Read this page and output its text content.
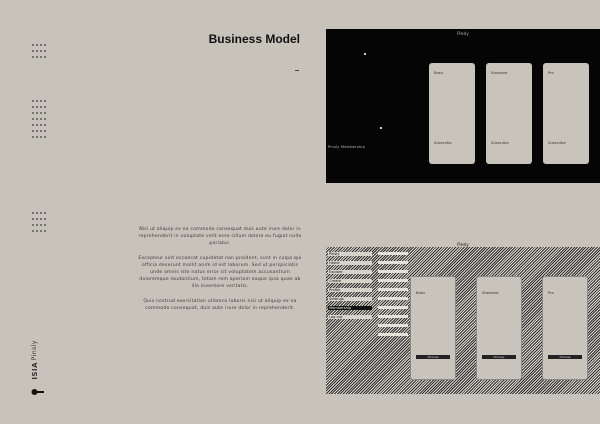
Pinsly
ISIA
Business Model

Nisi ut aliquip ex ea commodo consequat duis aute irure dolor in reprehenderit in voluptate velit esse cillum dolore eu fugiat nulla pariatur.

Excepteur sint occaecat cupidatat non proident, sunt in culpa qui officia deserunt mollit anim id est laborum. Sed ut perspiciatis unde omnis iste natus error sit voluptatem accusantium doloremque laudantium, totam rem aperiam eaque ipsa quae ab illo inventore veritatis.

Quis nostrud exercitation ullamco laboris nisi ut aliquip ex ea commodo consequat, duis aute irure dolor in reprehenderit.

Pinsly
Pinsly Membership
Basic
Subscribe
Standard
Subscribe
Pro
Subscribe
Pinsly
Pinsly
Home
Explore
Create
Profile
Settings
Membership
Log out
Basic
Choose
Standard
Choose
Pro
Choose
